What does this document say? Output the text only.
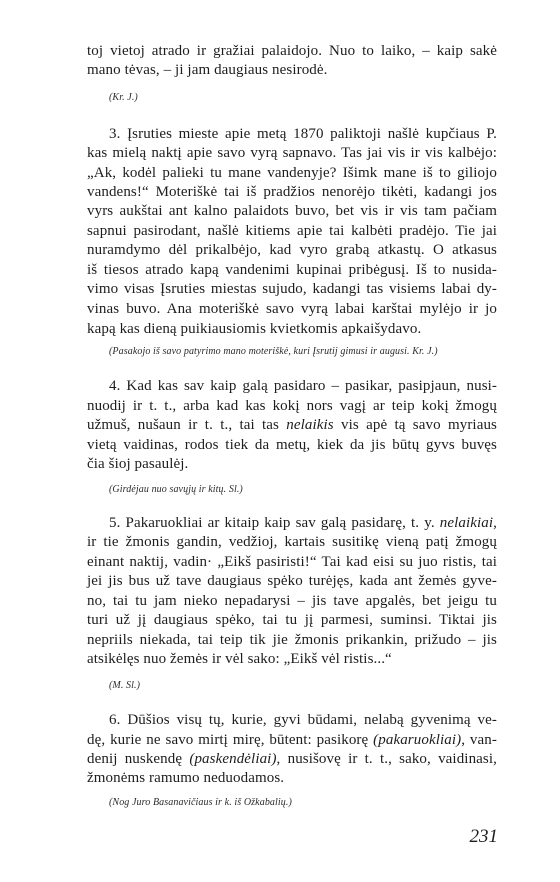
toj vietoj atrado ir gražiai palaidojo. Nuo to laiko, – kaip sakė
mano tėvas, – ji jam daugiaus nesirodė.
(Kr. J.)
3. Įsruties mieste apie metą 1870 paliktoji našlė kupčiaus P.
kas mielą naktį apie savo vyrą sapnavo. Tas jai vis ir vis kalbėjo:
„Ak, kodėl palieki tu mane vandenyje? Išimk mane iš to giliojo
vandens!“ Moteriškė tai iš pradžios nenorėjo tikėti, kadangi jos
vyrs aukštai ant kalno palaidots buvo, bet vis ir vis tam pačiam
sapnui pasirodant, našlė kitiems apie tai kalbėti pradėjo. Tie jai
nuramdymo dėl prikalbėjo, kad vyro grabą atkastų. O atkasus
iš tiesos atrado kapą vandenimi kupinai pribėgusį. Iš to nusida-
vimo visas Įsruties miestas sujudo, kadangi tas visiems labai dy-
vinas buvo. Ana moteriškė savo vyrą labai karštai mylėjo ir jo
kapą kas dieną puikiausiomis kvietkomis apkaišydavo.
(Pasakojo iš savo patyrimo mano moteriškė, kuri Įsrutij gimusi ir augusi. Kr. J.)
4. Kad kas sav kaip galą pasidaro – pasikar, pasipjaun, nusi-
nuodij ir t. t., arba kad kas kokį nors vagį ar teip kokį žmogų
užmuš, nušaun ir t. t., tai tas nelaikis vis apė tą savo myriaus
vietą vaidinas, rodos tiek da metų, kiek da jis būtų gyvs buvęs
čia šioj pasaulėj.
(Girdėjau nuo savųjų ir kitų. Sl.)
5. Pakaruokliai ar kitaip kaip sav galą pasidarę, t. y. nelaikiai,
ir tie žmonis gandin, vedžioj, kartais susitikę vieną patį žmogų
einant naktij, vadin· „Eikš pasiristi!“ Tai kad eisi su juo ristis, tai
jei jis bus už tave daugiaus spėko turėjęs, kada ant žemės gyve-
no, tai tu jam nieko nepadarysi – jis tave apgalės, bet jeigu tu
turi už jį daugiaus spėko, tai tu jį parmesi, suminsi. Tiktai jis
nepriils niekada, tai teip tik jie žmonis prikankin, prižudo – jis
atsikėlęs nuo žemės ir vėl sako: „Eikš vėl ristis...“
(M. Sl.)
6. Dūšios visų tų, kurie, gyvi būdami, nelabą gyvenimą ve-
dę, kurie ne savo mirtį mirę, būtent: pasikorę (pakaruokliai), van-
denij nuskendę (paskendėliai), nusišovę ir t. t., sako, vaidinasi,
žmonėms ramumo neduodamos.
(Nog Juro Basanavičiaus ir k. iš Ožkabalių.)
231
